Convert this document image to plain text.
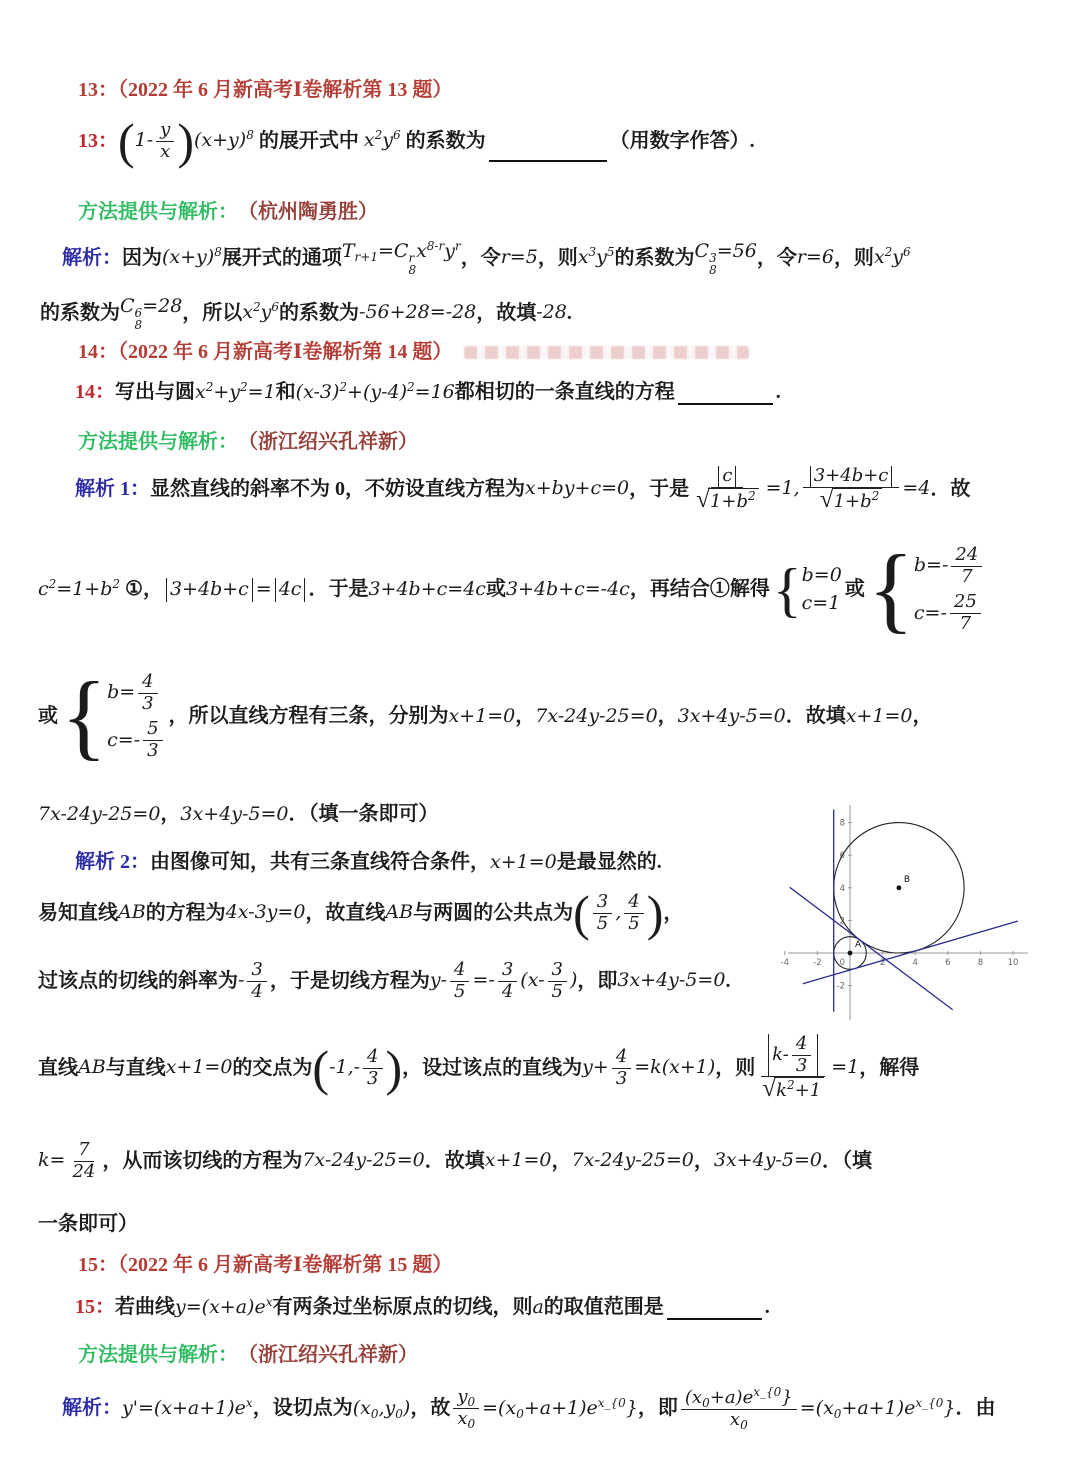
13：（2022 年 6 月新高考Ⅰ卷解析第 13 题）
13： ( $1- \frac{y}{x}$ ) $(x+y)^8$ 的展开式中 $x^2y^6$ 的系数为	（用数字作答）.
方法提供与解析： （杭州陶勇胜）
解析： 因为 $(x+y)^8$ 展开式的通项 $T_{r+1}=C$ r
8
$x^{8-r}y^r$
，令 r=5 ，则 $x^3y^5$ 的系数为 C 3
8
=56 ，令 r=6 ，则 $x^2y^6$
的系数为 C 6
8
=28 ，所以 $x^2y^6$ 的系数为 -56+28=-28 ，故填 -28 .
14：（2022 年 6 月新高考Ⅰ卷解析第 14 题）
14： 写出与圆 $x^2+y^2=1$ 和 $(x-3)^2+(y-4)^2=16$ 都相切的一条直线的方程	.
方法提供与解析： （浙江绍兴孔祥新）
解析 1： 显然直线的斜率不为 0，不妨设直线方程为 x+by+c=0 ，于是 $\frac{c}{√ 1+b^2} =1$, $\frac{3+4b+c}{√ 1+b^2} =4$ ．故
$c^2=1+b^2$ ①， 3+4b+c = 4c ．于是 3+4b+c=4c 或 3+4b+c=-4c ，再结合①解得 { b=0
c=1
或 { $b=- \frac{24}{7}$
$c=- \frac{25}{7}$
或 { $b= \frac{4}{3}$
$c=- \frac{5}{3}$
，所以直线方程有三条，分别为 x+1=0 ， 7x-24y-25=0 ， 3x+4y-5=0 ．故填 x+1=0 ，
7x-24y-25=0 ， 3x+4y-5=0 ．（填一条即可）
解析 2： 由图像可知，共有三条直线符合条件， x+1=0 是最显然的.
易知直线 AB 的方程为 4x-3y=0 ，故直线 AB 与两圆的公共点为 ( $\frac{3}{5}$ , $\frac{4}{5}$ ) ，
过该点的切线的斜率为 - $\frac{3}{4}$ ，于是切线方程为 $y- \frac{4}{5} =- \frac{3}{4} (x- \frac{3}{5}$ ) ，即 3x+4y-5=0 .
直线 AB 与直线 x+1=0 的交点为 ( $-1,- \frac{4}{3}$ ) ，设过该点的直线为 $y+ \frac{4}{3} =k(x+1)$ ，则 $\frac{k- \frac{4}{3}}{√ k^2+1} =1$ ，解得
$k= \frac{7}{24}$ ，从而该切线的方程为 7x-24y-25=0 ．故填 x+1=0 ， 7x-24y-25=0 ， 3x+4y-5=0 ．（填
一条即可）
15：（2022 年 6 月新高考Ⅰ卷解析第 15 题）
15： 若曲线 $y=(x+a)e^x$ 有两条过坐标原点的切线，则 a 的取值范围是	.
方法提供与解析： （浙江绍兴孔祥新）
解析： $y'=(x+a+1)e^x$ ，设切点为 $(x_0,y_0)$ ，故 $\frac{y_0}{x_0} =(x_0+a+1)e^{x\_\{0}$} ，即 $\frac{(x_0+a)e^{x\_\{0}\}}{x_0} =(x_0+a+1)e^{x\_\{0}$} ．由
-4	-2	2	4	6	8	10
-2
2
4
6
8
0
A
B
